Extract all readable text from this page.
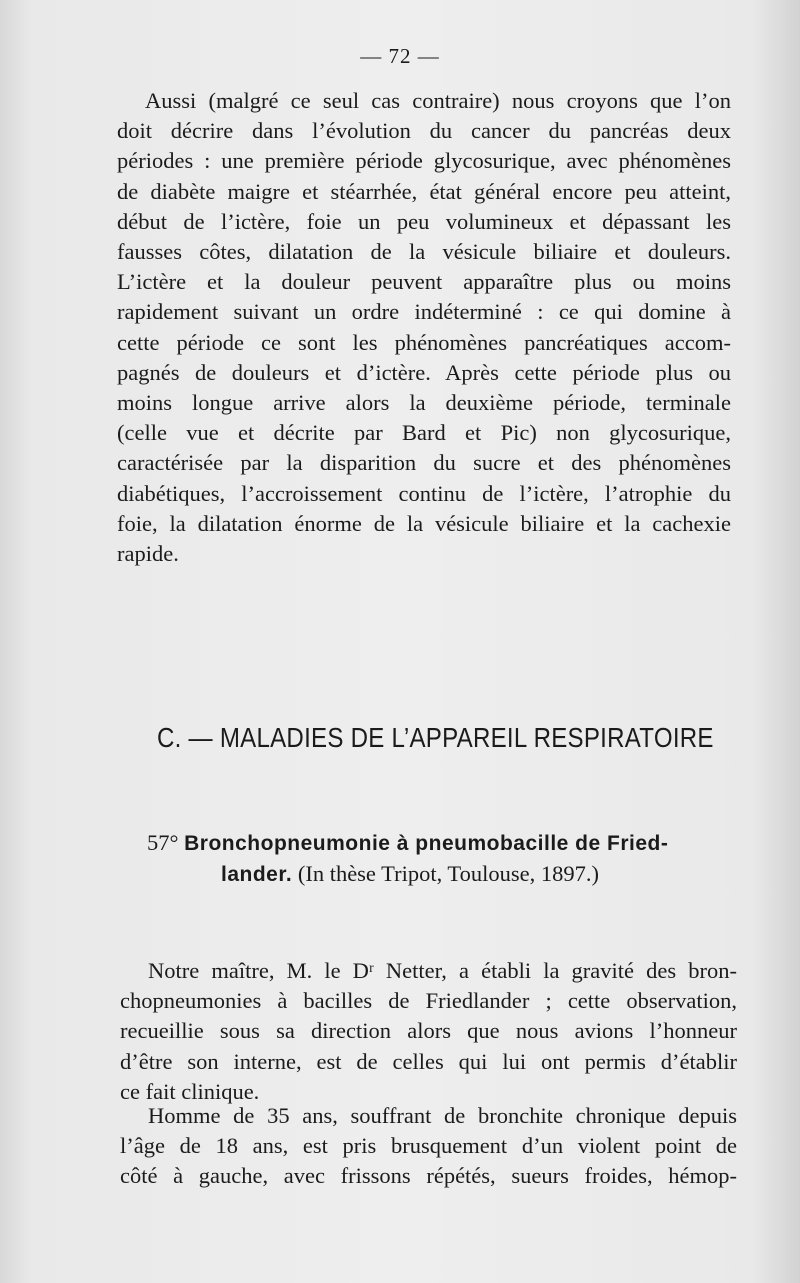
— 72 —
Aussi (malgré ce seul cas contraire) nous croyons que l’on
doit décrire dans l’évolution du cancer du pancréas deux
périodes : une première période glycosurique, avec phénomènes
de diabète maigre et stéarrhée, état général encore peu atteint,
début de l’ictère, foie un peu volumineux et dépassant les
fausses côtes, dilatation de la vésicule biliaire et douleurs.
L’ictère et la douleur peuvent apparaître plus ou moins
rapidement suivant un ordre indéterminé : ce qui domine à
cette période ce sont les phénomènes pancréatiques accom-
pagnés de douleurs et d’ictère. Après cette période plus ou
moins longue arrive alors la deuxième période, terminale
(celle vue et décrite par Bard et Pic) non glycosurique,
caractérisée par la disparition du sucre et des phénomènes
diabétiques, l’accroissement continu de l’ictère, l’atrophie du
foie, la dilatation énorme de la vésicule biliaire et la cachexie
rapide.
C. — MALADIES DE L’APPAREIL RESPIRATOIRE
57° Bronchopneumonie à pneumobacille de Fried-
lander. (In thèse Tripot, Toulouse, 1897.)
Notre maître, M. le Dʳ Netter, a établi la gravité des bron-
chopneumonies à bacilles de Friedlander ; cette observation,
recueillie sous sa direction alors que nous avions l’honneur
d’être son interne, est de celles qui lui ont permis d’établir
ce fait clinique.
Homme de 35 ans, souffrant de bronchite chronique depuis
l’âge de 18 ans, est pris brusquement d’un violent point de
côté à gauche, avec frissons répétés, sueurs froides, hémop-
